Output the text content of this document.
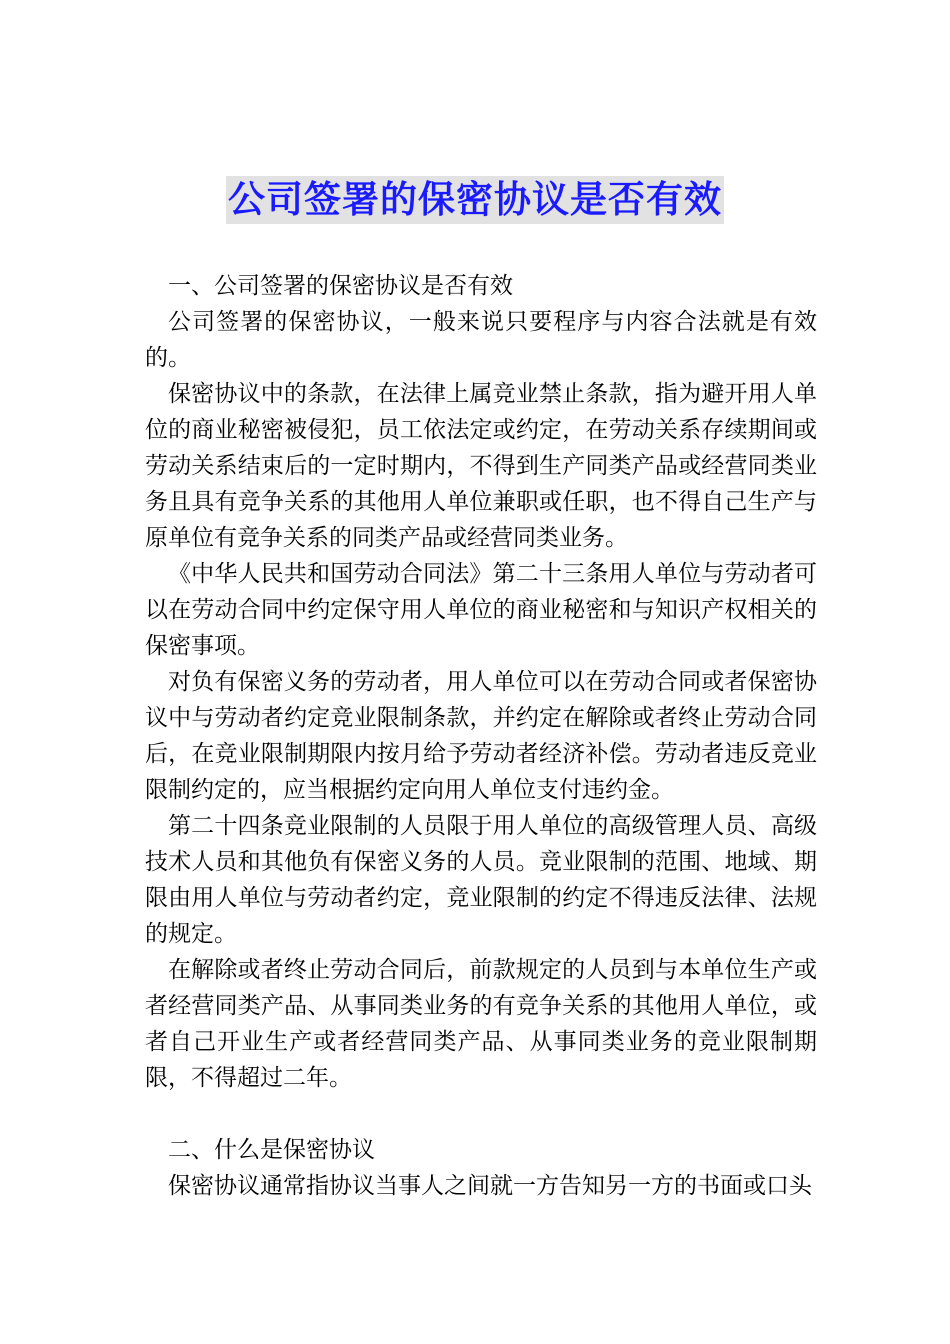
公司签署的保密协议是否有效

一、公司签署的保密协议是否有效

公司签署的保密协议，一般来说只要程序与内容合法就是有效的。

保密协议中的条款，在法律上属竞业禁止条款，指为避开用人单位的商业秘密被侵犯，员工依法定或约定，在劳动关系存续期间或劳动关系结束后的一定时期内，不得到生产同类产品或经营同类业务且具有竞争关系的其他用人单位兼职或任职，也不得自己生产与原单位有竞争关系的同类产品或经营同类业务。

《中华人民共和国劳动合同法》第二十三条用人单位与劳动者可以在劳动合同中约定保守用人单位的商业秘密和与知识产权相关的保密事项。

对负有保密义务的劳动者，用人单位可以在劳动合同或者保密协议中与劳动者约定竞业限制条款，并约定在解除或者终止劳动合同后，在竞业限制期限内按月给予劳动者经济补偿。劳动者违反竞业限制约定的，应当根据约定向用人单位支付违约金。

第二十四条竞业限制的人员限于用人单位的高级管理人员、高级技术人员和其他负有保密义务的人员。竞业限制的范围、地域、期限由用人单位与劳动者约定，竞业限制的约定不得违反法律、法规的规定。

在解除或者终止劳动合同后，前款规定的人员到与本单位生产或者经营同类产品、从事同类业务的有竞争关系的其他用人单位，或者自己开业生产或者经营同类产品、从事同类业务的竞业限制期限，不得超过二年。

二、什么是保密协议

保密协议通常指协议当事人之间就一方告知另一方的书面或口头
